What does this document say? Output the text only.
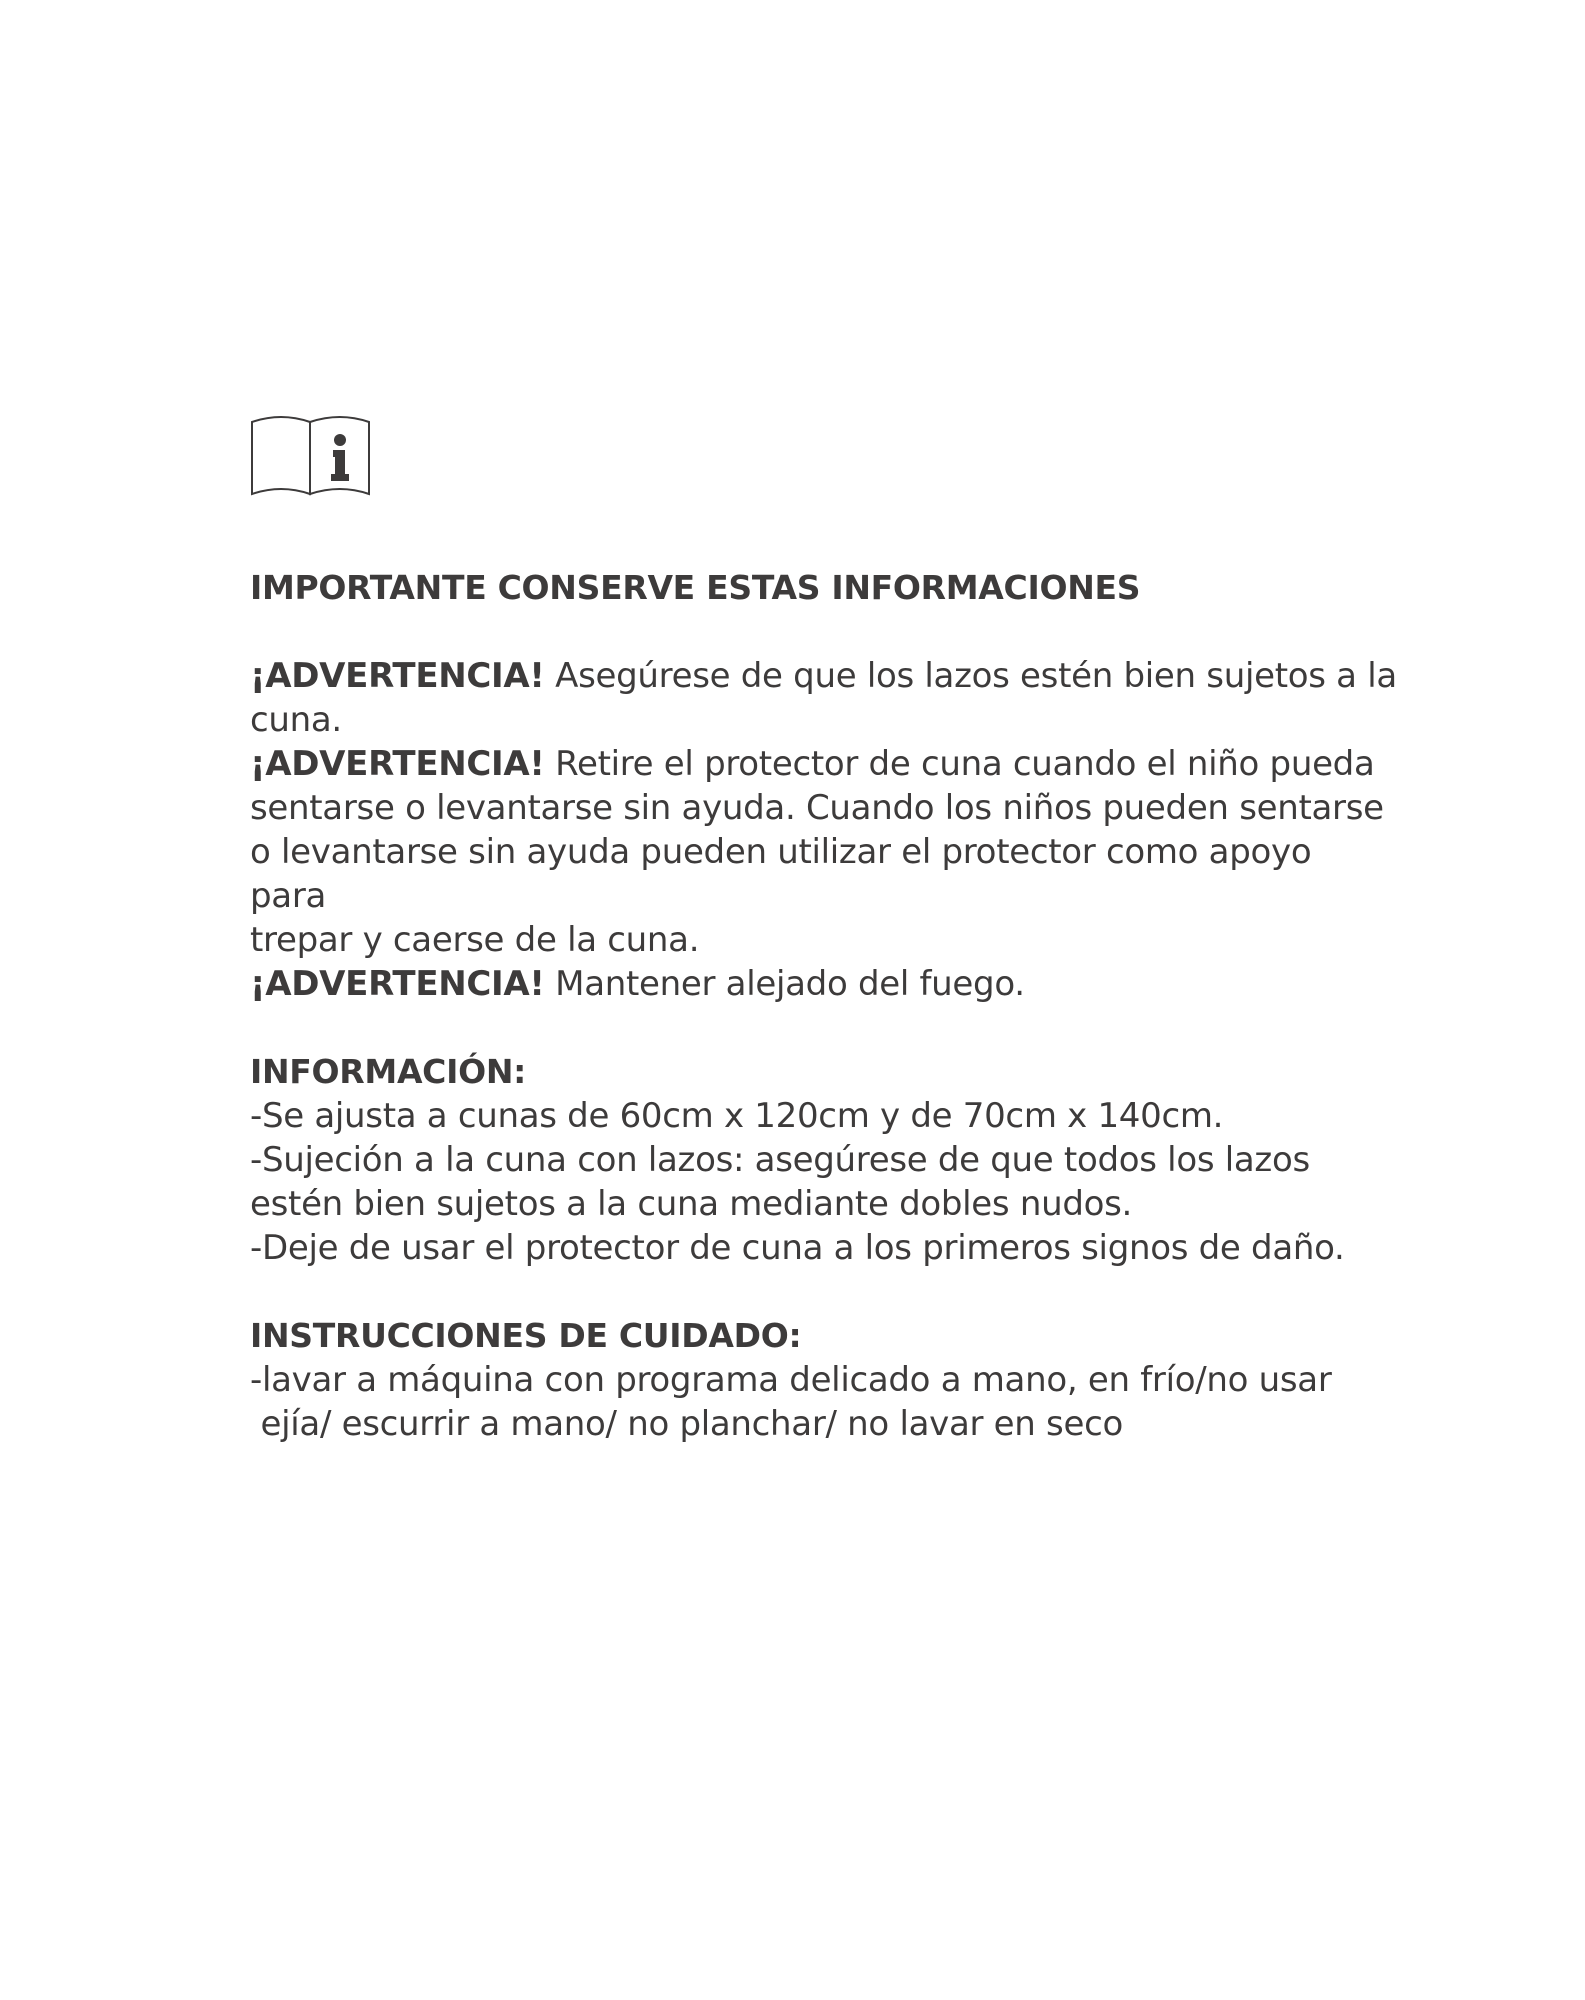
IMPORTANTE CONSERVE ESTAS INFORMACIONES
¡ADVERTENCIA! Asegúrese de que los lazos estén bien sujetos a la
cuna.
¡ADVERTENCIA! Retire el protector de cuna cuando el niño pueda
sentarse o levantarse sin ayuda. Cuando los niños pueden sentarse
o levantarse sin ayuda pueden utilizar el protector como apoyo
para
trepar y caerse de la cuna.
¡ADVERTENCIA! Mantener alejado del fuego.
INFORMACIÓN:
-Se ajusta a cunas de 60cm x 120cm y de 70cm x 140cm.
-Sujeción a la cuna con lazos: asegúrese de que todos los lazos
estén bien sujetos a la cuna mediante dobles nudos.
-Deje de usar el protector de cuna a los primeros signos de daño.
INSTRUCCIONES DE CUIDADO:
-lavar a máquina con programa delicado a mano, en frío/no usar
ejía/ escurrir a mano/ no planchar/ no lavar en seco
